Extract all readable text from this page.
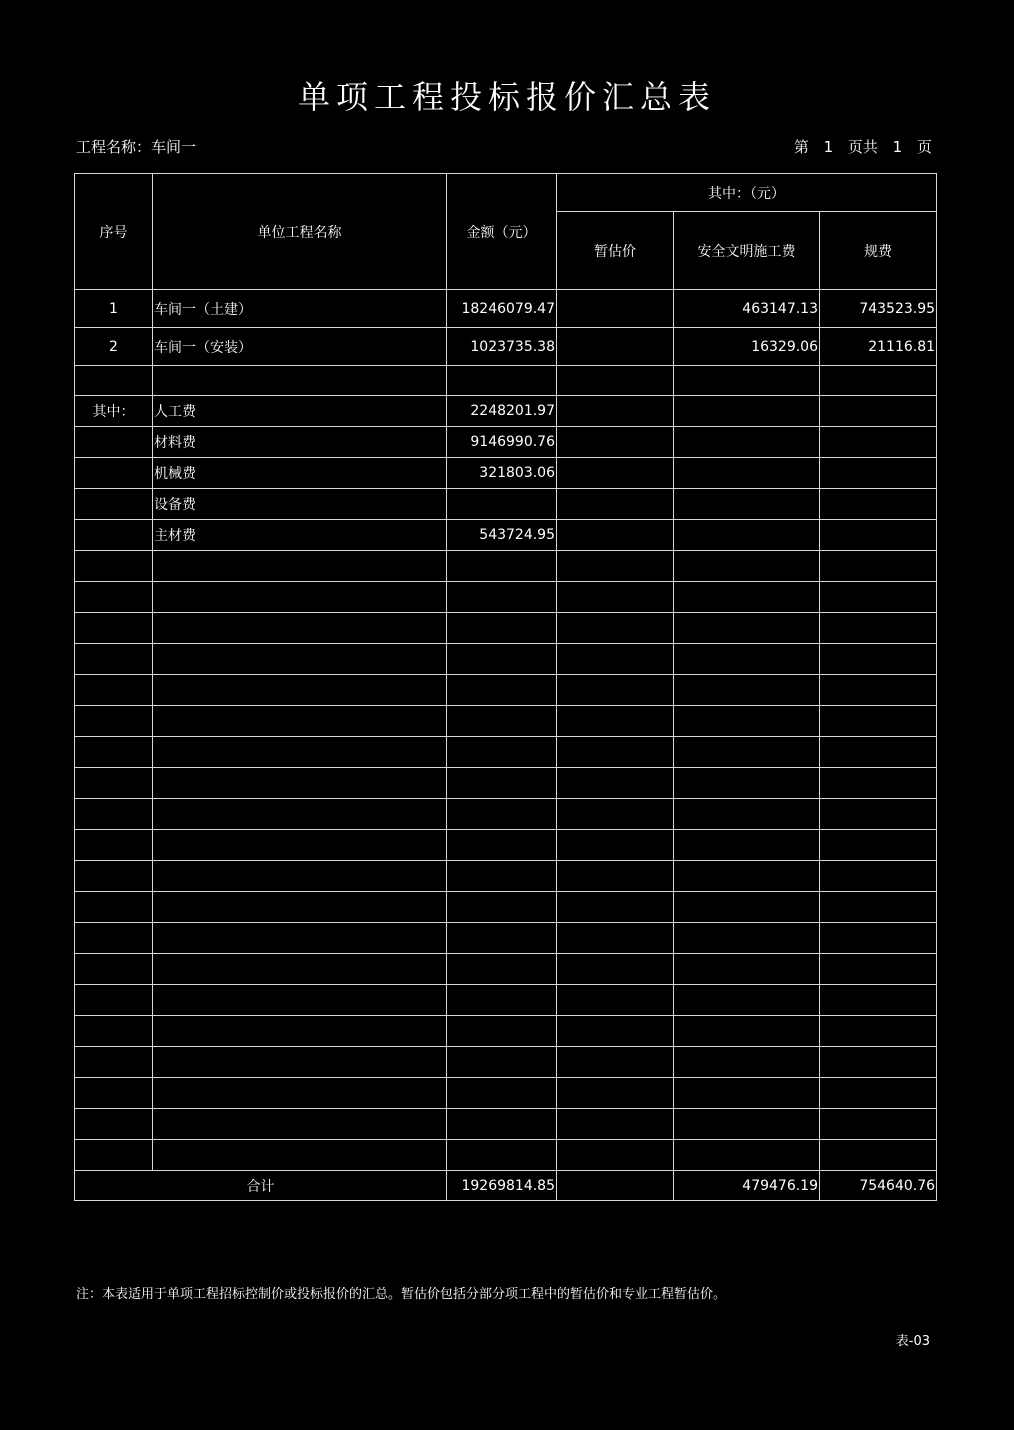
单项工程投标报价汇总表
工程名称：车间一	第 1 页共 1 页
序号	单位工程名称	金额（元）	其中：（元）		
			暂估价	安全文明施工费	规费
1	车间一（土建）	18246079.47		463147.13	743523.95
2	车间一（安装）	1023735.38		16329.06	21116.81

其中：	人工费	2248201.97			
	材料费	9146990.76			
	机械费	321803.06			
	设备费				
	主材费	543724.95			

合计		19269814.85		479476.19	754640.76
注：本表适用于单项工程招标控制价或投标报价的汇总。暂估价包括分部分项工程中的暂估价和专业工程暂估价。
表-03
